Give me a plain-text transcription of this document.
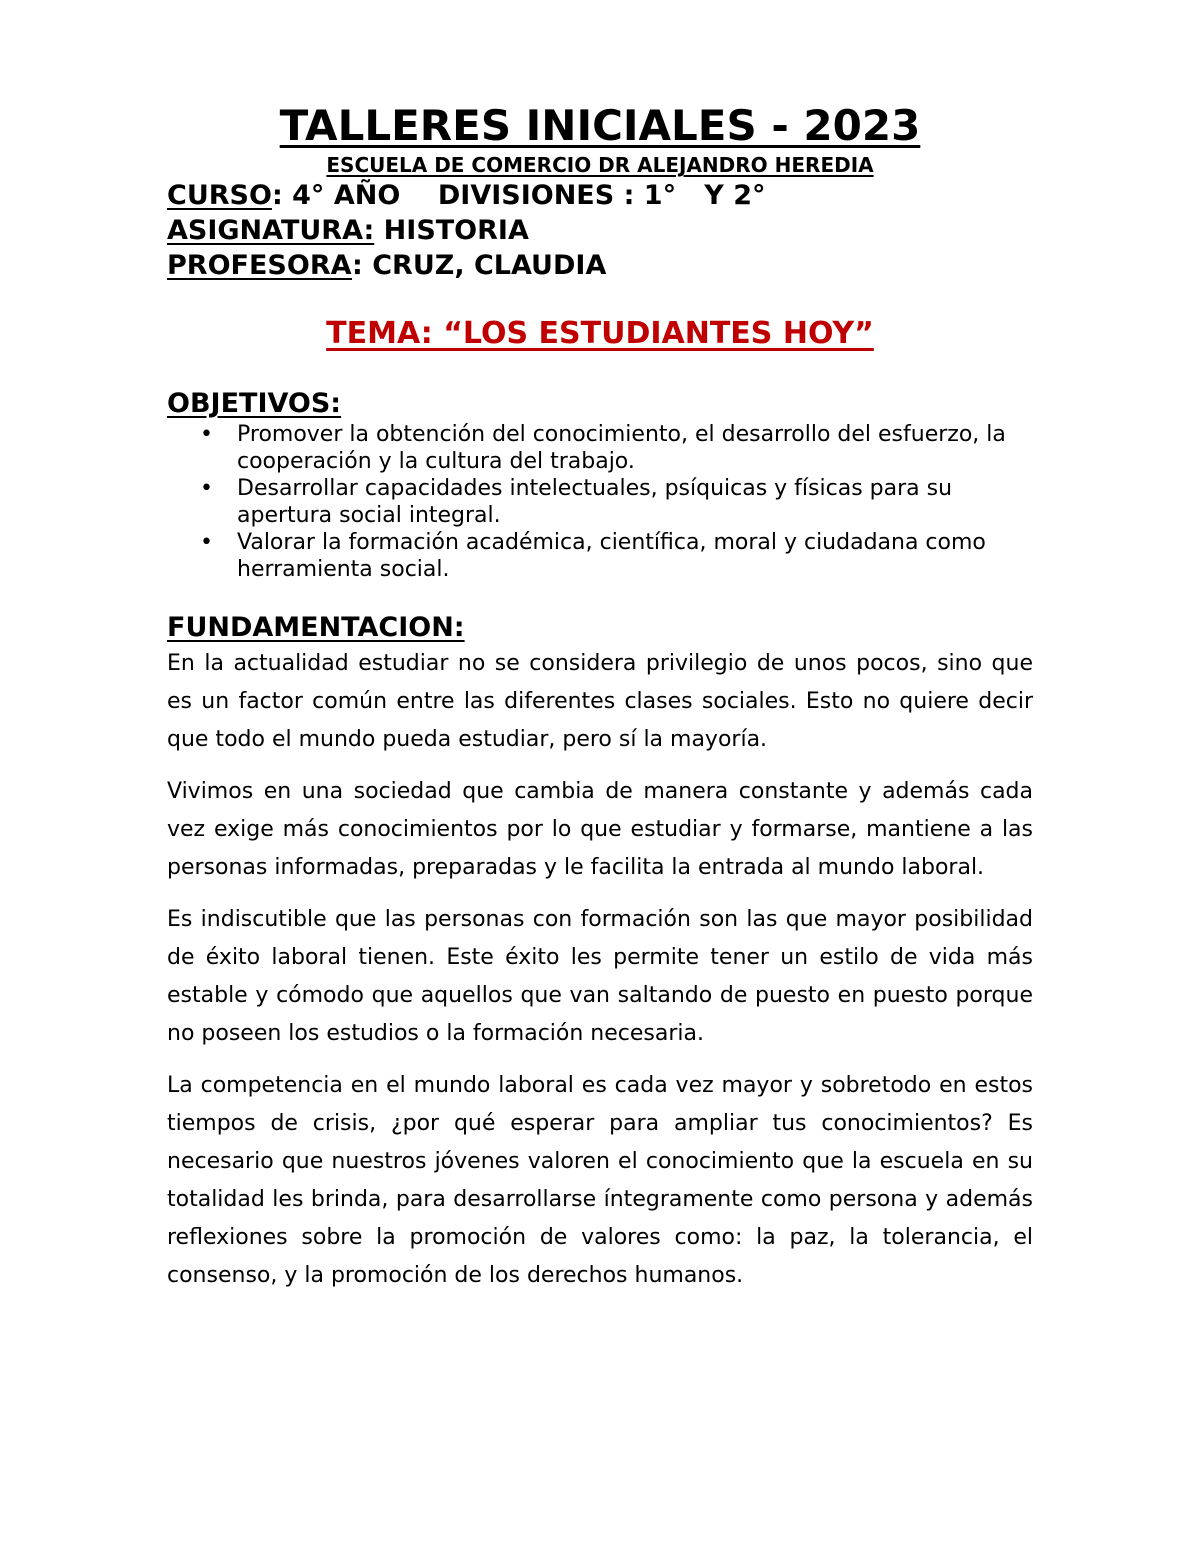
TALLERES INICIALES - 2023

ESCUELA DE COMERCIO DR ALEJANDRO HEREDIA

CURSO: 4° AÑO    DIVISIONES : 1°   Y 2°

ASIGNATURA: HISTORIA

PROFESORA: CRUZ, CLAUDIA

TEMA: “LOS ESTUDIANTES HOY”
OBJETIVOS:
• Promover la obtención del conocimiento, el desarrollo del esfuerzo, la cooperación y la cultura del trabajo.
• Desarrollar capacidades intelectuales, psíquicas y físicas para su apertura social integral.
• Valorar la formación académica, científica, moral y ciudadana como herramienta social.
FUNDAMENTACION:

En la actualidad estudiar no se considera privilegio de unos pocos, sino que es un factor común entre las diferentes clases sociales. Esto no quiere decir que todo el mundo pueda estudiar, pero sí la mayoría.

Vivimos en una sociedad que cambia de manera constante y además cada vez exige más conocimientos por lo que estudiar y formarse, mantiene a las personas informadas, preparadas y le facilita la entrada al mundo laboral.

Es indiscutible que las personas con formación son las que mayor posibilidad de éxito laboral tienen. Este éxito les permite tener un estilo de vida más estable y cómodo que aquellos que van saltando de puesto en puesto porque no poseen los estudios o la formación necesaria.

La competencia en el mundo laboral es cada vez mayor y sobretodo en estos tiempos de crisis, ¿por qué esperar para ampliar tus conocimientos? Es necesario que nuestros jóvenes valoren el conocimiento que la escuela en su totalidad les brinda, para desarrollarse íntegramente como persona y además reflexiones sobre la promoción de valores como: la paz, la tolerancia, el consenso, y la promoción de los derechos humanos.
